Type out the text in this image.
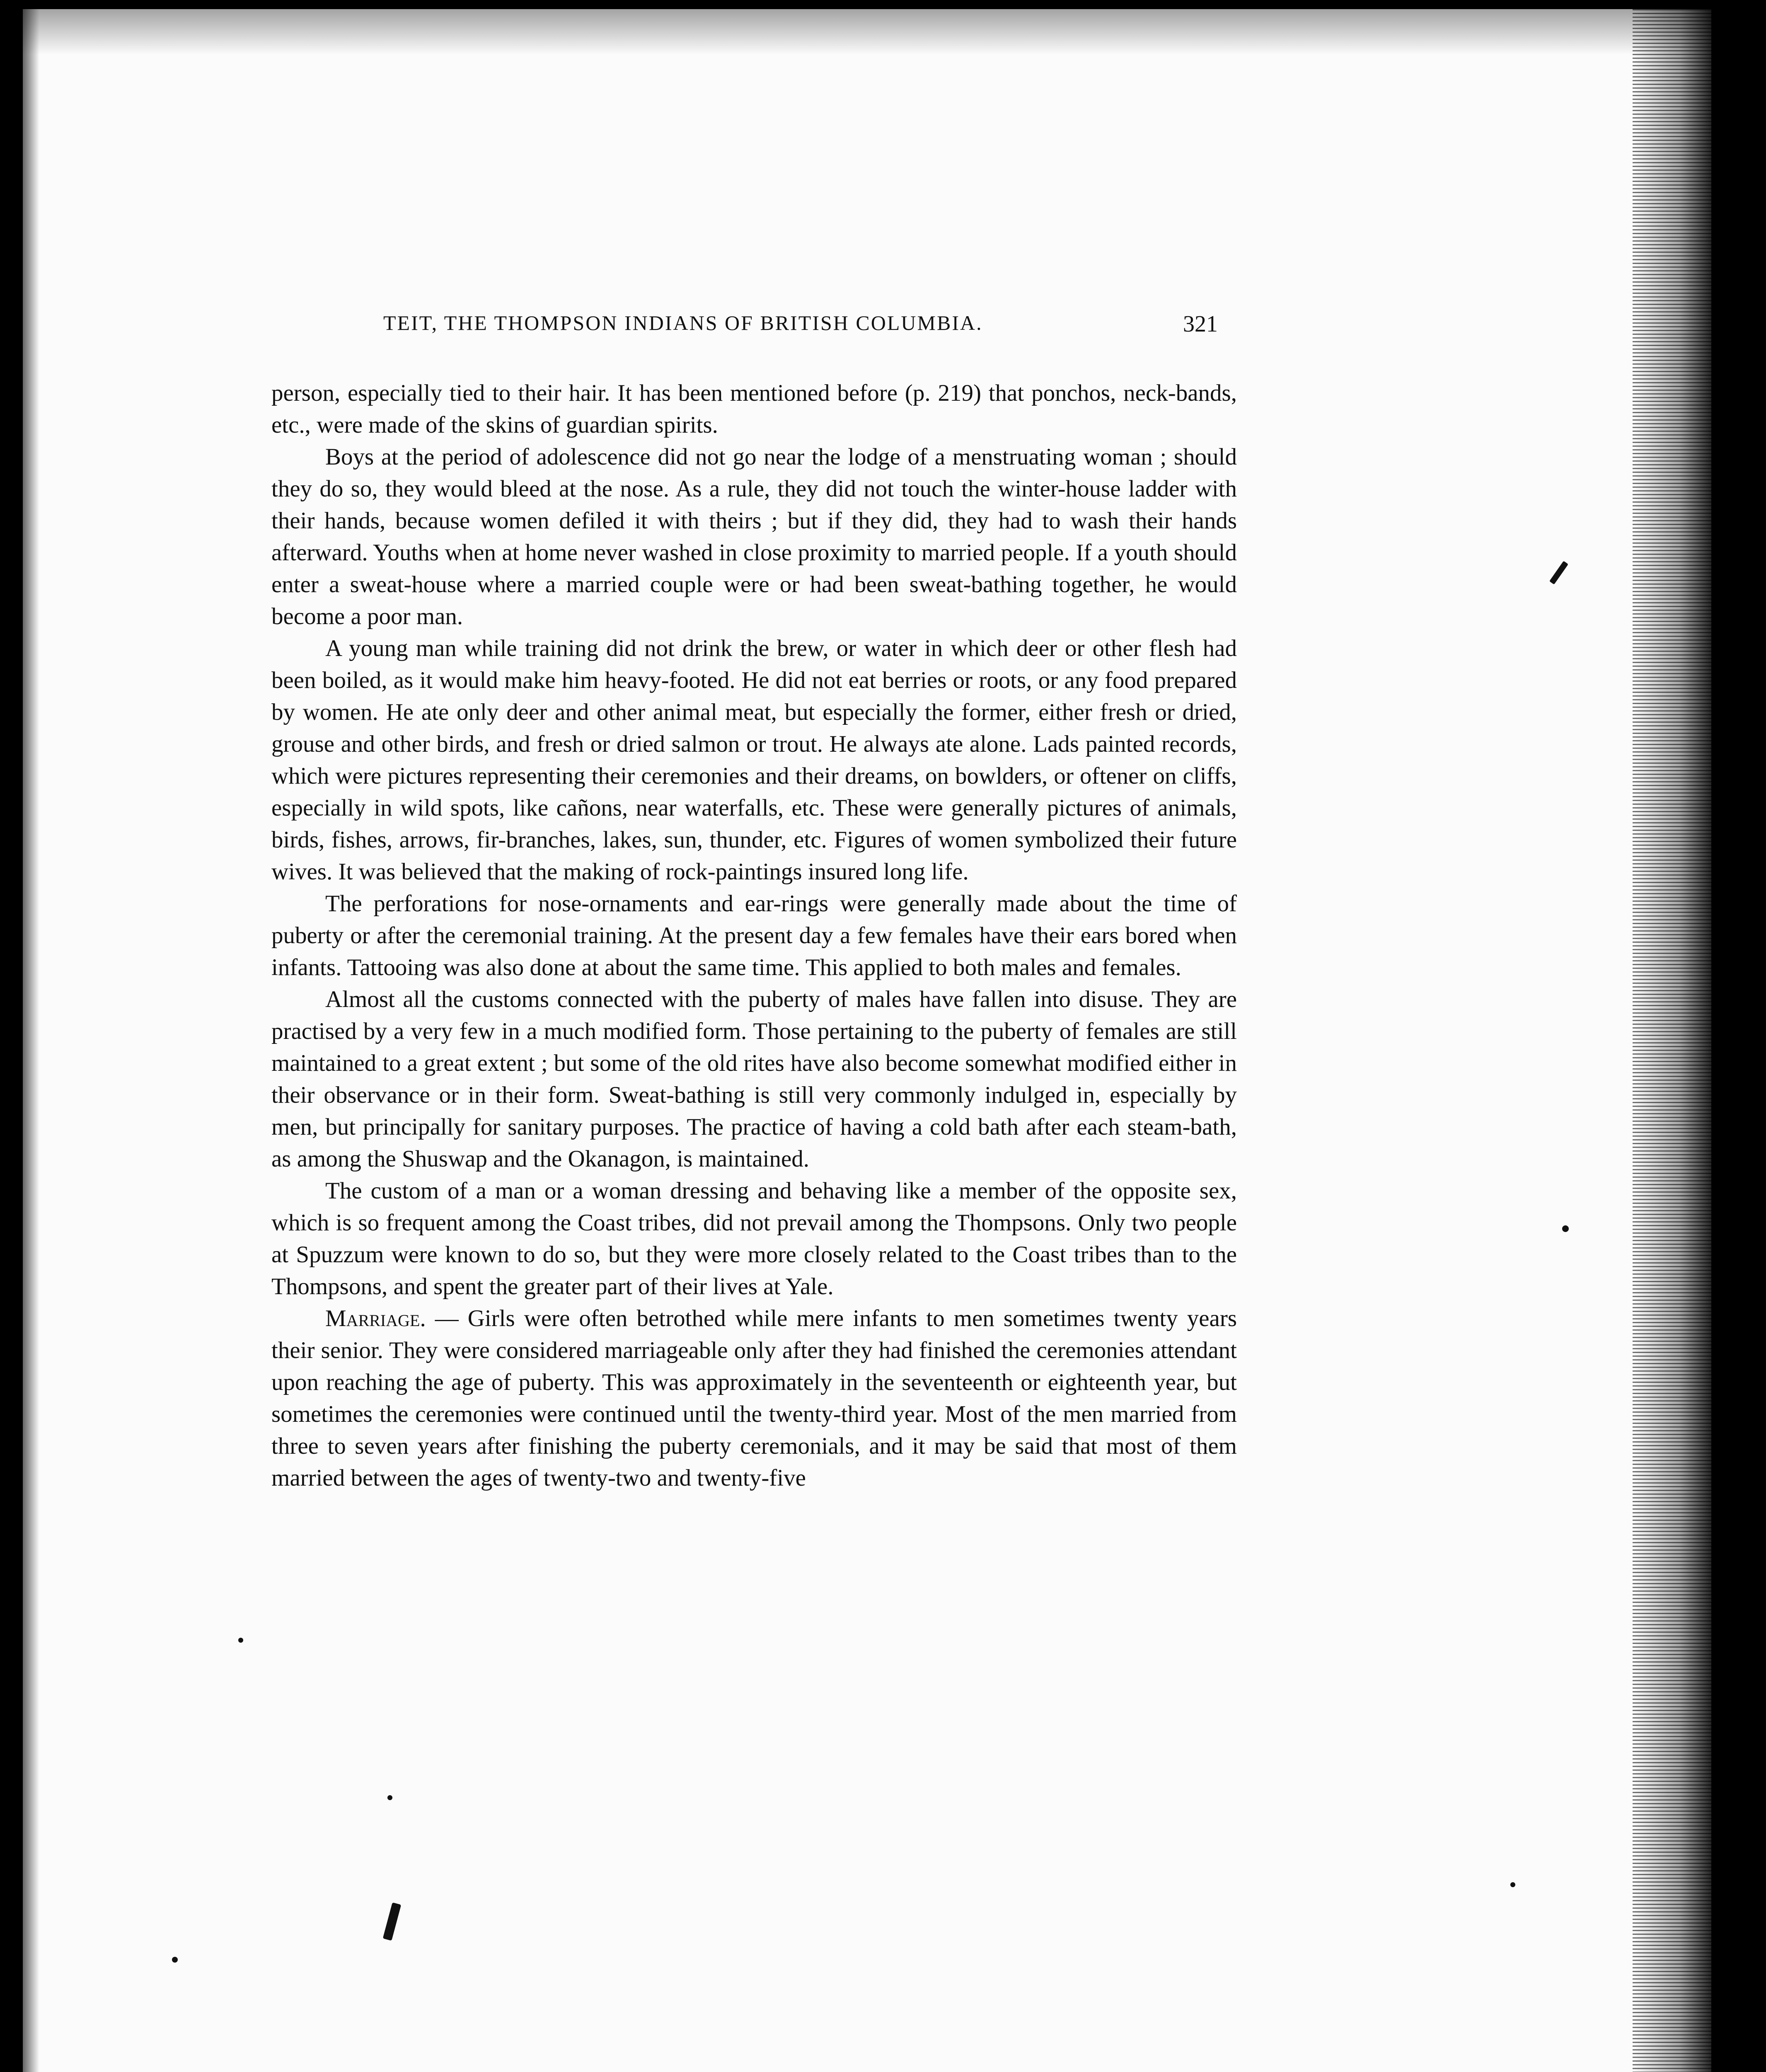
TEIT, THE THOMPSON INDIANS OF BRITISH COLUMBIA.	321

person, especially tied to their hair. It has been mentioned before (p. 219) that ponchos, neck-bands, etc., were made of the skins of guardian spirits.

Boys at the period of adolescence did not go near the lodge of a menstruating woman ; should they do so, they would bleed at the nose. As a rule, they did not touch the winter-house ladder with their hands, because women defiled it with theirs ; but if they did, they had to wash their hands afterward. Youths when at home never washed in close proximity to married people. If a youth should enter a sweat-house where a married couple were or had been sweat-bathing together, he would become a poor man.

A young man while training did not drink the brew, or water in which deer or other flesh had been boiled, as it would make him heavy-footed. He did not eat berries or roots, or any food prepared by women. He ate only deer and other animal meat, but especially the former, either fresh or dried, grouse and other birds, and fresh or dried salmon or trout. He always ate alone. Lads painted records, which were pictures representing their ceremonies and their dreams, on bowlders, or oftener on cliffs, especially in wild spots, like cañons, near waterfalls, etc. These were generally pictures of animals, birds, fishes, arrows, fir-branches, lakes, sun, thunder, etc. Figures of women symbolized their future wives. It was believed that the making of rock-paintings insured long life.

The perforations for nose-ornaments and ear-rings were generally made about the time of puberty or after the ceremonial training. At the present day a few females have their ears bored when infants. Tattooing was also done at about the same time. This applied to both males and females.

Almost all the customs connected with the puberty of males have fallen into disuse. They are practised by a very few in a much modified form. Those pertaining to the puberty of females are still maintained to a great extent ; but some of the old rites have also become somewhat modified either in their observance or in their form. Sweat-bathing is still very commonly indulged in, especially by men, but principally for sanitary purposes. The practice of having a cold bath after each steam-bath, as among the Shuswap and the Okanagon, is maintained.

The custom of a man or a woman dressing and behaving like a member of the opposite sex, which is so frequent among the Coast tribes, did not prevail among the Thompsons. Only two people at Spuzzum were known to do so, but they were more closely related to the Coast tribes than to the Thompsons, and spent the greater part of their lives at Yale.

Marriage. — Girls were often betrothed while mere infants to men sometimes twenty years their senior. They were considered marriageable only after they had finished the ceremonies attendant upon reaching the age of puberty. This was approximately in the seventeenth or eighteenth year, but sometimes the ceremonies were continued until the twenty-third year. Most of the men married from three to seven years after finishing the puberty ceremonials, and it may be said that most of them married between the ages of twenty-two and twenty-five
